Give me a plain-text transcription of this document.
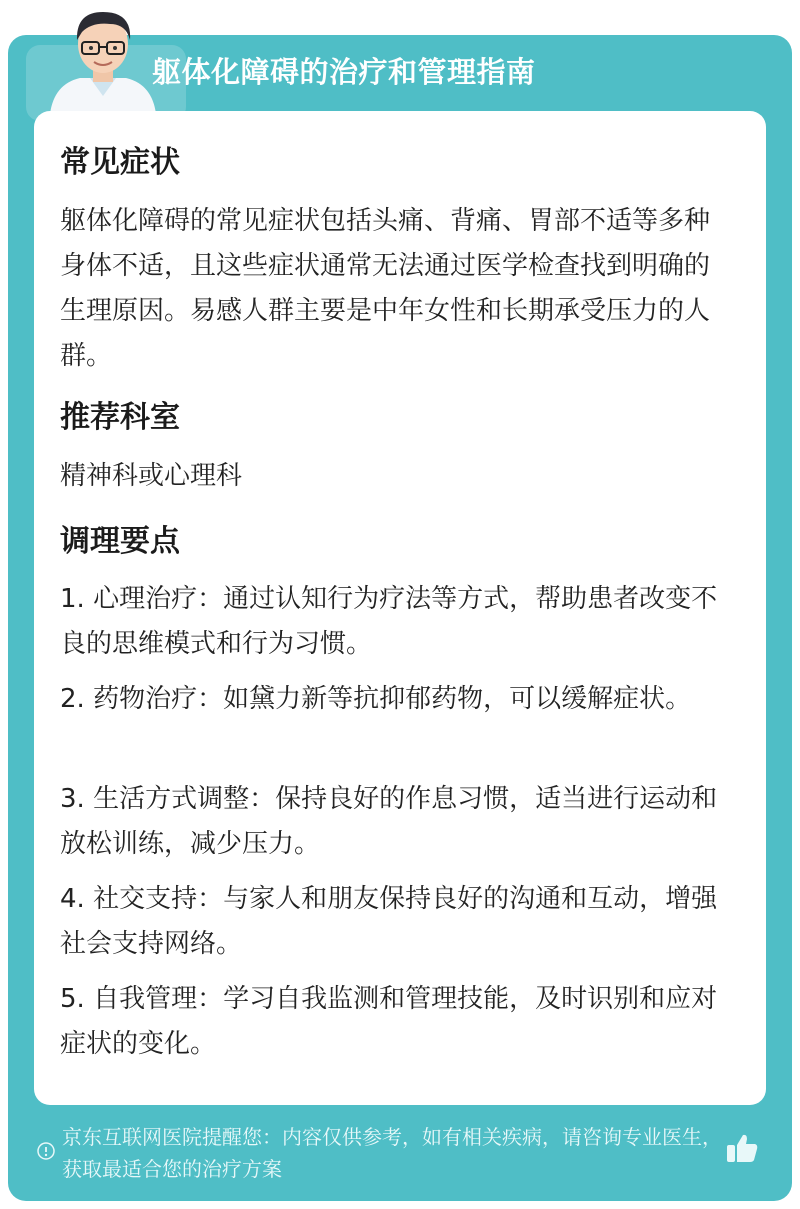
躯体化障碍的治疗和管理指南
常见症状
躯体化障碍的常见症状包括头痛、背痛、胃部不适等多种身体不适，且这些症状通常无法通过医学检查找到明确的生理原因。易感人群主要是中年女性和长期承受压力的人群。
推荐科室
精神科或心理科
调理要点
1. 心理治疗：通过认知行为疗法等方式，帮助患者改变不良的思维模式和行为习惯。
2. 药物治疗：如黛力新等抗抑郁药物，可以缓解症状。
3. 生活方式调整：保持良好的作息习惯，适当进行运动和放松训练，减少压力。
4. 社交支持：与家人和朋友保持良好的沟通和互动，增强社会支持网络。
5. 自我管理：学习自我监测和管理技能，及时识别和应对症状的变化。
京东互联网医院提醒您：内容仅供参考，如有相关疾病，请咨询专业医生，获取最适合您的治疗方案
